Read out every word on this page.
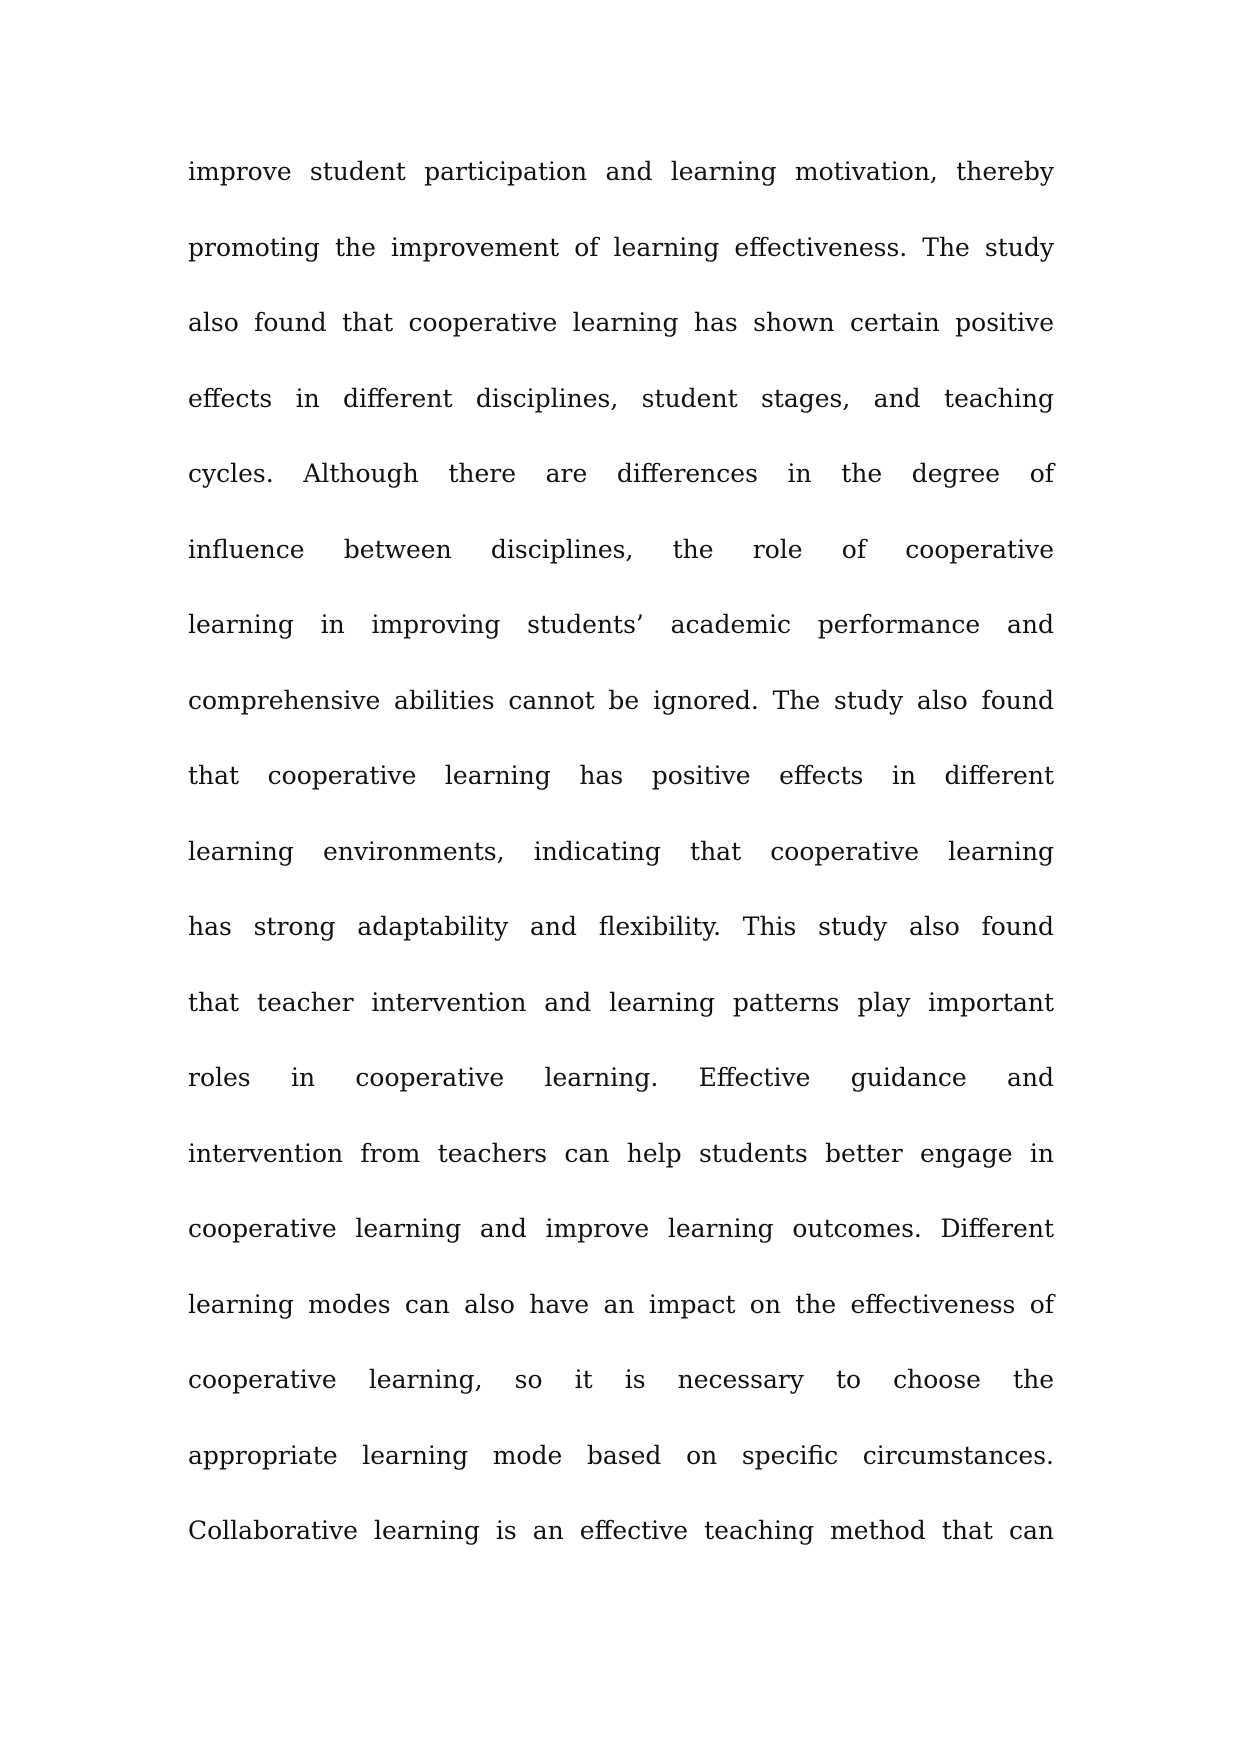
improve student participation and learning motivation, thereby
promoting the improvement of learning effectiveness. The study
also found that cooperative learning has shown certain positive
effects in different disciplines, student stages, and teaching
cycles. Although there are differences in the degree of
influence between disciplines, the role of cooperative
learning in improving students’ academic performance and
comprehensive abilities cannot be ignored. The study also found
that cooperative learning has positive effects in different
learning environments, indicating that cooperative learning
has strong adaptability and flexibility. This study also found
that teacher intervention and learning patterns play important
roles in cooperative learning. Effective guidance and
intervention from teachers can help students better engage in
cooperative learning and improve learning outcomes. Different
learning modes can also have an impact on the effectiveness of
cooperative learning, so it is necessary to choose the
appropriate learning mode based on specific circumstances.
Collaborative learning is an effective teaching method that can
